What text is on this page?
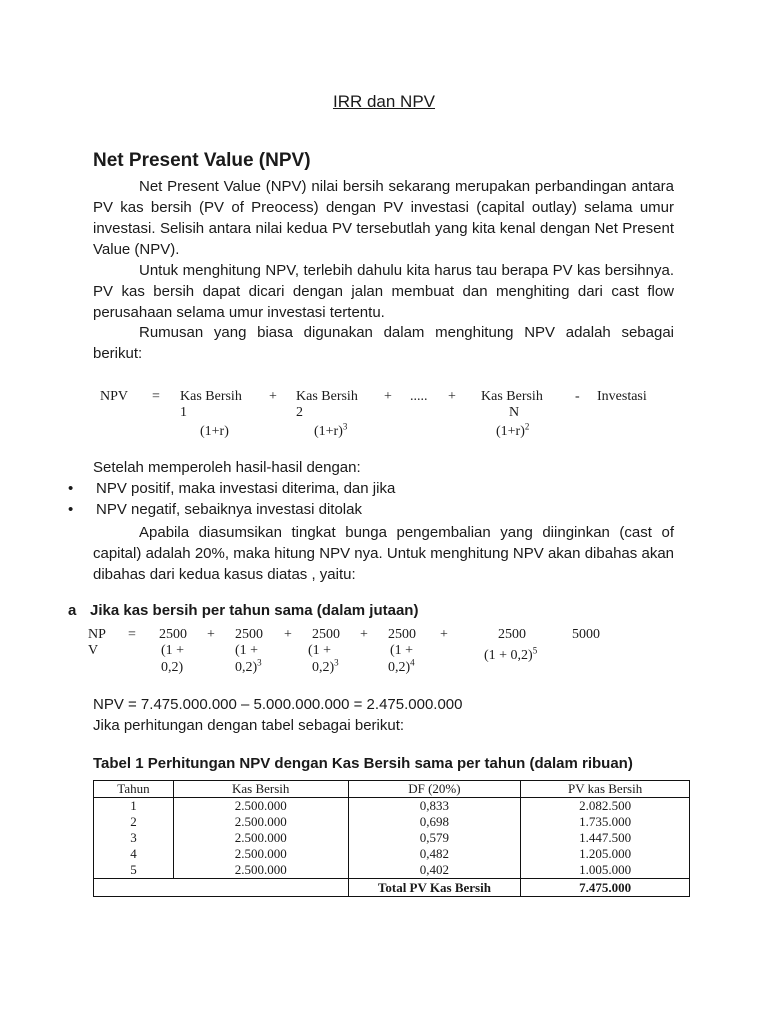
IRR dan NPV
Net Present Value (NPV)
Net Present Value (NPV) nilai bersih sekarang merupakan perbandingan antara PV kas bersih (PV of Preocess) dengan PV investasi (capital outlay) selama umur investasi. Selisih antara nilai kedua PV tersebutlah yang kita kenal dengan Net Present Value (NPV).
Untuk menghitung NPV, terlebih dahulu kita harus tau berapa PV kas bersihnya. PV kas bersih dapat dicari dengan jalan membuat dan menghiting dari cast flow perusahaan selama umur investasi tertentu.
Rumusan yang biasa digunakan dalam menghitung NPV adalah sebagai berikut:
NPV = Kas Bersih
1
(1+r)
+ Kas Bersih
2
$(1+r)^3$
+ ..... + Kas Bersih
N
$(1+r)^2$
- Investasi
Setelah memperoleh hasil-hasil dengan:
• NPV positif, maka investasi diterima, dan jika
• NPV negatif, sebaiknya investasi ditolak
Apabila diasumsikan tingkat bunga pengembalian yang diinginkan (cast of capital) adalah 20%, maka hitung NPV nya. Untuk menghitung NPV akan dibahas akan dibahas dari kedua kasus diatas , yaitu:
a Jika kas bersih per tahun sama (dalam jutaan)
NP
V
= 2500
(1 +
0,2)
+ 2500
(1 +
0,2)$^3$
+ 2500
(1 +
0,2)$^3$
+ 2500
(1 +
0,2)$^4$
+	2500
$(1 + 0,2)^5$
5000
NPV = 7.475.000.000 – 5.000.000.000 = 2.475.000.000
Jika perhitungan dengan tabel sebagai berikut:
Tabel 1 Perhitungan NPV dengan Kas Bersih sama per tahun (dalam ribuan)
Tahun	Kas Bersih	DF (20%)	PV kas Bersih
1	2.500.000	0,833	2.082.500
2	2.500.000	0,698	1.735.000
3	2.500.000	0,579	1.447.500
4	2.500.000	0,482	1.205.000
5	2.500.000	0,402	1.005.000
		Total PV Kas Bersih	7.475.000
